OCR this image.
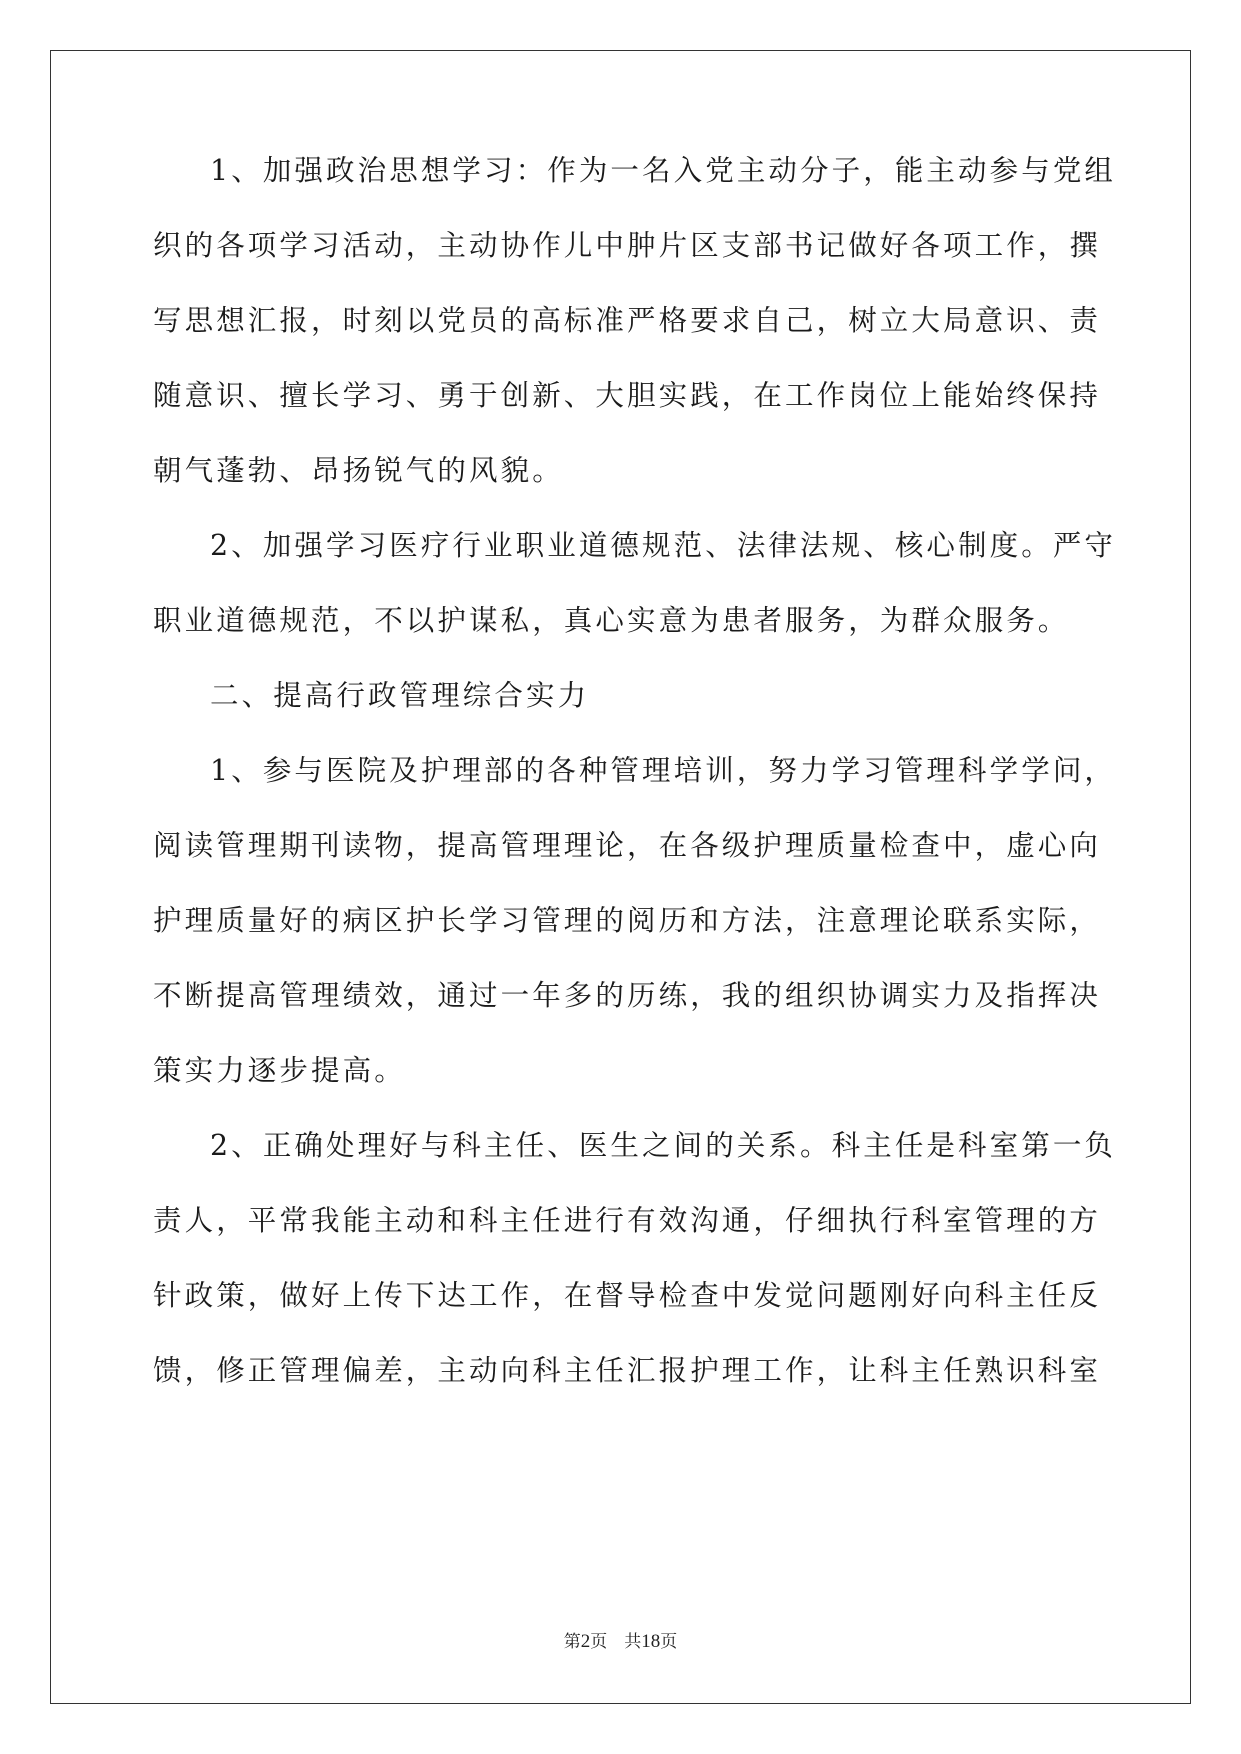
1、加强政治思想学习：作为一名入党主动分子，能主动参与党组
织的各项学习活动，主动协作儿中肿片区支部书记做好各项工作，撰
写思想汇报，时刻以党员的高标准严格要求自己，树立大局意识、责
随意识、擅长学习、勇于创新、大胆实践，在工作岗位上能始终保持
朝气蓬勃、昂扬锐气的风貌。
2、加强学习医疗行业职业道德规范、法律法规、核心制度。严守
职业道德规范，不以护谋私，真心实意为患者服务，为群众服务。
二、提高行政管理综合实力
1、参与医院及护理部的各种管理培训，努力学习管理科学学问，
阅读管理期刊读物，提高管理理论，在各级护理质量检查中，虚心向
护理质量好的病区护长学习管理的阅历和方法，注意理论联系实际，
不断提高管理绩效，通过一年多的历练，我的组织协调实力及指挥决
策实力逐步提高。
2、正确处理好与科主任、医生之间的关系。科主任是科室第一负
责人，平常我能主动和科主任进行有效沟通，仔细执行科室管理的方
针政策，做好上传下达工作，在督导检查中发觉问题刚好向科主任反
馈，修正管理偏差，主动向科主任汇报护理工作，让科主任熟识科室
第2页 共18页
